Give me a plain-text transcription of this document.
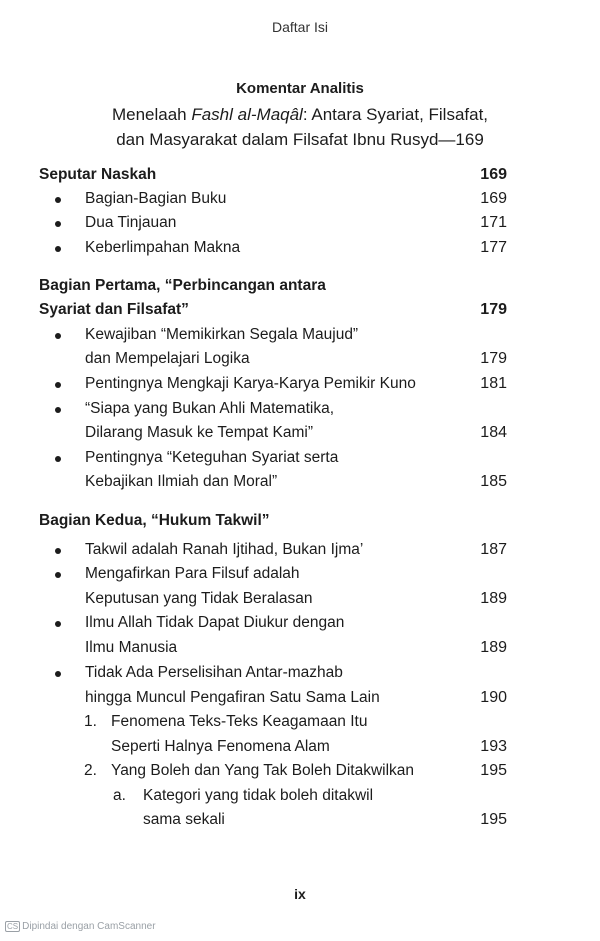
Daftar Isi
Komentar Analitis
Menelaah Fashl al-Maqâl: Antara Syariat, Filsafat,
dan Masyarakat dalam Filsafat Ibnu Rusyd—169
Seputar Naskah	169
Bagian-Bagian Buku	169
Dua Tinjauan	171
Keberlimpahan Makna	177
Bagian Pertama, “Perbincangan antara
Syariat dan Filsafat”	179
Kewajiban “Memikirkan Segala Maujud”
dan Mempelajari Logika	179
Pentingnya Mengkaji Karya-Karya Pemikir Kuno	181
“Siapa yang Bukan Ahli Matematika,
Dilarang Masuk ke Tempat Kami”	184
Pentingnya “Keteguhan Syariat serta
Kebajikan Ilmiah dan Moral”	185
Bagian Kedua, “Hukum Takwil”
Takwil adalah Ranah Ijtihad, Bukan Ijma’	187
Mengafirkan Para Filsuf adalah
Keputusan yang Tidak Beralasan	189
Ilmu Allah Tidak Dapat Diukur dengan
Ilmu Manusia	189
Tidak Ada Perselisihan Antar-mazhab
hingga Muncul Pengafiran Satu Sama Lain	190
1. Fenomena Teks-Teks Keagamaan Itu
Seperti Halnya Fenomena Alam	193
2. Yang Boleh dan Yang Tak Boleh Ditakwilkan	195
a. Kategori yang tidak boleh ditakwil
sama sekali	195
ix
CS Dipindai dengan CamScanner
